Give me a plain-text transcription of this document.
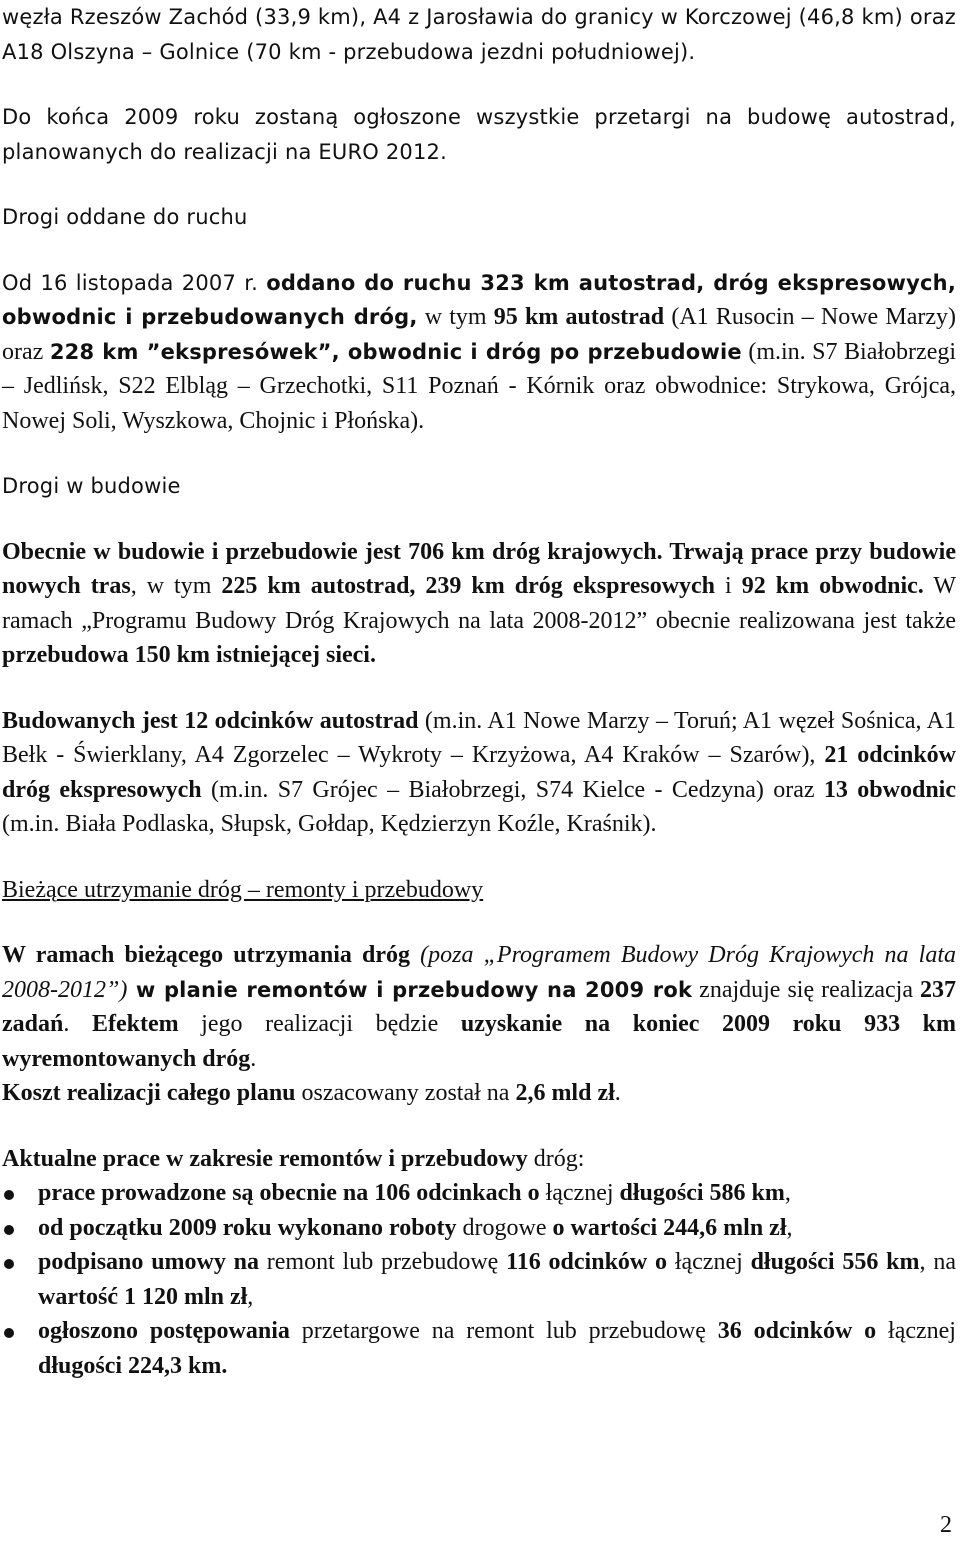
węzła Rzeszów Zachód (33,9 km), A4 z Jarosławia do granicy w Korczowej (46,8 km) oraz A18 Olszyna – Golnice (70 km - przebudowa jezdni południowej).

Do końca 2009 roku zostaną ogłoszone wszystkie przetargi na budowę autostrad, planowanych do realizacji na EURO 2012.

Drogi oddane do ruchu

Od 16 listopada 2007 r. oddano do ruchu 323 km autostrad, dróg ekspresowych, obwodnic i przebudowanych dróg, w tym 95 km autostrad (A1 Rusocin – Nowe Marzy) oraz 228 km ”ekspresówek”, obwodnic i dróg po przebudowie (m.in. S7 Białobrzegi – Jedlińsk, S22 Elbląg – Grzechotki, S11 Poznań - Kórnik oraz obwodnice: Strykowa, Grójca, Nowej Soli, Wyszkowa, Chojnic i Płońska).

Drogi w budowie

Obecnie w budowie i przebudowie jest 706 km dróg krajowych. Trwają prace przy budowie nowych tras, w tym 225 km autostrad, 239 km dróg ekspresowych i 92 km obwodnic. W ramach „Programu Budowy Dróg Krajowych na lata 2008-2012” obecnie realizowana jest także przebudowa 150 km istniejącej sieci.

Budowanych jest 12 odcinków autostrad (m.in. A1 Nowe Marzy – Toruń; A1 węzeł Sośnica, A1 Bełk - Świerklany, A4 Zgorzelec – Wykroty – Krzyżowa, A4 Kraków – Szarów), 21 odcinków dróg ekspresowych (m.in. S7 Grójec – Białobrzegi, S74 Kielce - Cedzyna) oraz 13 obwodnic (m.in. Biała Podlaska, Słupsk, Gołdap, Kędzierzyn Koźle, Kraśnik).

Bieżące utrzymanie dróg – remonty i przebudowy

W ramach bieżącego utrzymania dróg (poza „Programem Budowy Dróg Krajowych na lata 2008-2012”) w planie remontów i przebudowy na 2009 rok znajduje się realizacja 237 zadań. Efektem jego realizacji będzie uzyskanie na koniec 2009 roku 933 km wyremontowanych dróg.

Koszt realizacji całego planu oszacowany został na 2,6 mld zł.

Aktualne prace w zakresie remontów i przebudowy dróg:

prace prowadzone są obecnie na 106 odcinkach o łącznej długości 586 km,
od początku 2009 roku wykonano roboty drogowe o wartości 244,6 mln zł,
podpisano umowy na remont lub przebudowę 116 odcinków o łącznej długości 556 km, na wartość 1 120 mln zł,
ogłoszono postępowania przetargowe na remont lub przebudowę 36 odcinków o łącznej długości 224,3 km.
2
